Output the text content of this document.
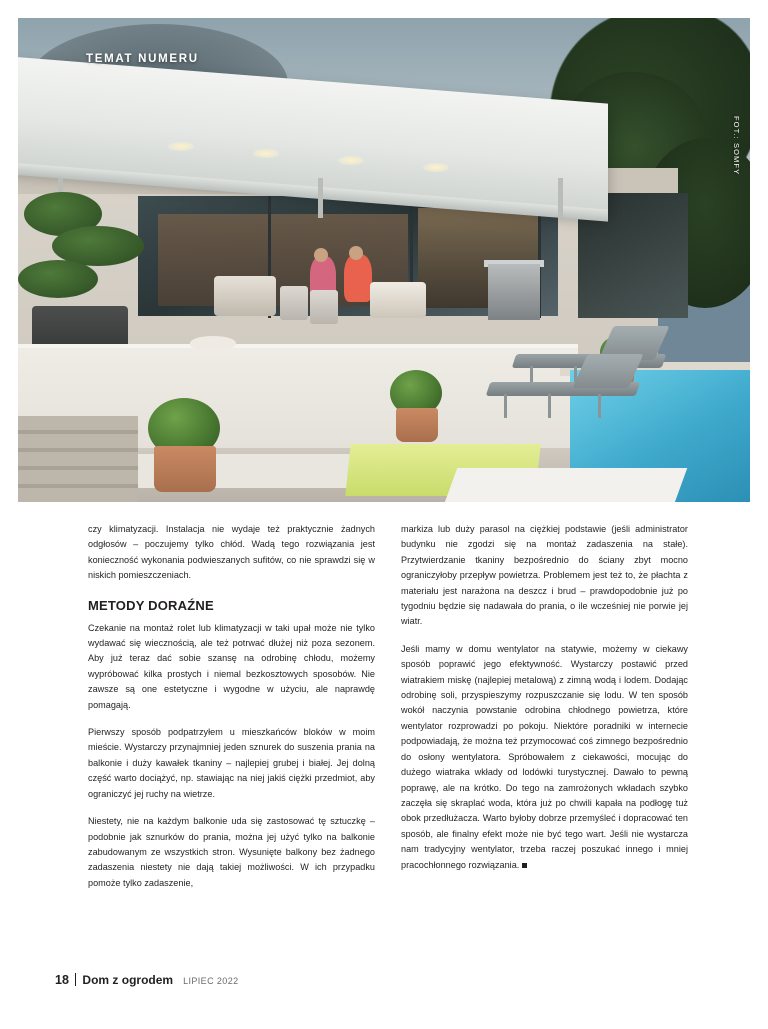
TEMAT NUMERU
FOT.: SOMFY

czy klimatyzacji. Instalacja nie wydaje też praktycznie żadnych odgłosów – poczujemy tylko chłód. Wadą tego rozwiązania jest konieczność wykonania podwieszanych sufitów, co nie sprawdzi się w niskich pomieszczeniach.

METODY DORAŹNE

Czekanie na montaż rolet lub klimatyzacji w taki upał może nie tylko wydawać się wiecznością, ale też potrwać dłużej niż poza sezonem. Aby już teraz dać sobie szansę na odrobinę chłodu, możemy wypróbować kilka prostych i niemal bezkosztowych sposobów. Nie zawsze są one estetyczne i wygodne w użyciu, ale naprawdę pomagają.

Pierwszy sposób podpatrzyłem u mieszkańców bloków w moim mieście. Wystarczy przynajmniej jeden sznurek do suszenia prania na balkonie i duży kawałek tkaniny – najlepiej grubej i białej. Jej dolną część warto dociążyć, np. stawiając na niej jakiś ciężki przedmiot, aby ograniczyć jej ruchy na wietrze.

Niestety, nie na każdym balkonie uda się zastosować tę sztuczkę – podobnie jak sznurków do prania, można jej użyć tylko na balkonie zabudowanym ze wszystkich stron. Wysunięte balkony bez żadnego zadaszenia niestety nie dają takiej możliwości. W ich przypadku pomoże tylko zadaszenie,

markiza lub duży parasol na ciężkiej podstawie (jeśli administrator budynku nie zgodzi się na montaż zadaszenia na stałe). Przytwierdzanie tkaniny bezpośrednio do ściany zbyt mocno ograniczyłoby przepływ powietrza. Problemem jest też to, że płachta z materiału jest narażona na deszcz i brud – prawdopodobnie już po tygodniu będzie się nadawała do prania, o ile wcześniej nie porwie jej wiatr.

Jeśli mamy w domu wentylator na statywie, możemy w ciekawy sposób poprawić jego efektywność. Wystarczy postawić przed wiatrakiem miskę (najlepiej metalową) z zimną wodą i lodem. Dodając odrobinę soli, przyspieszymy rozpuszczanie się lodu. W ten sposób wokół naczynia powstanie odrobina chłodnego powietrza, które wentylator rozprowadzi po pokoju. Niektóre poradniki w internecie podpowiadają, że można też przymocować coś zimnego bezpośrednio do osłony wentylatora. Spróbowałem z ciekawości, mocując do dużego wiatraka wkłady od lodówki turystycznej. Dawało to pewną poprawę, ale na krótko. Do tego na zamrożonych wkładach szybko zaczęła się skraplać woda, która już po chwili kapała na podłogę tuż obok przedłużacza. Warto byłoby dobrze przemyśleć i dopracować ten sposób, ale finalny efekt może nie być tego wart. Jeśli nie wystarcza nam tradycyjny wentylator, trzeba raczej poszukać innego i mniej pracochłonnego rozwiązania.

18 Dom z ogrodem LIPIEC 2022
